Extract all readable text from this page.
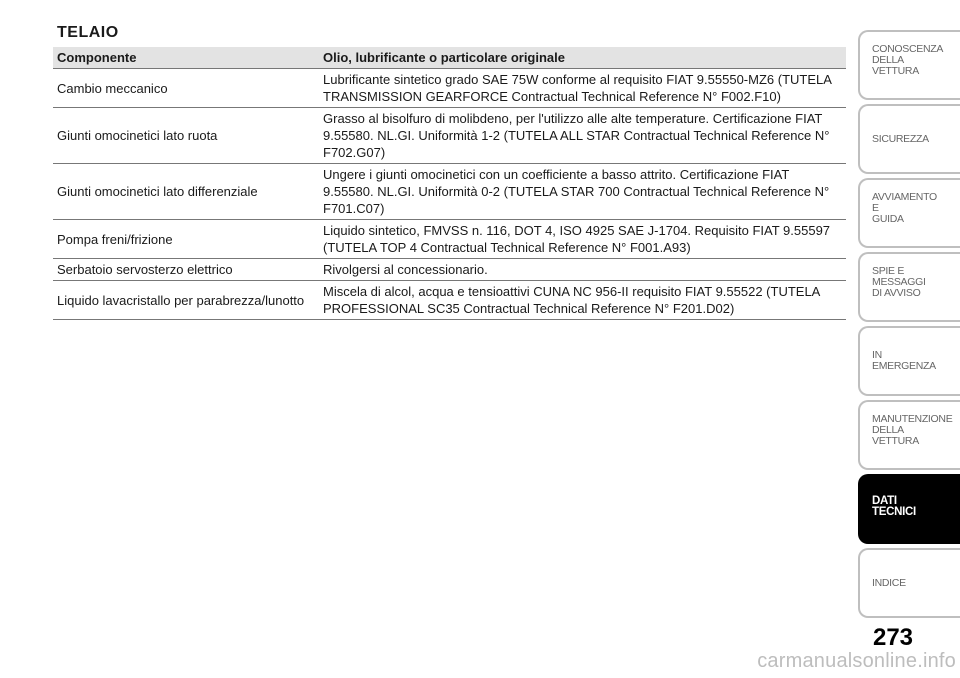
TELAIO
Componente	Olio, lubrificante o particolare originale
Cambio meccanico	Lubrificante sintetico grado SAE 75W conforme al requisito FIAT 9.55550-MZ6 (TUTELA TRANSMISSION GEARFORCE Contractual Technical Reference N° F002.F10)
Giunti omocinetici lato ruota	Grasso al bisolfuro di molibdeno, per l'utilizzo alle alte temperature. Certificazione FIAT 9.55580. NL.GI. Uniformità 1-2 (TUTELA ALL STAR Contractual Technical Reference N° F702.G07)
Giunti omocinetici lato differenziale	Ungere i giunti omocinetici con un coefficiente a basso attrito. Certificazione FIAT 9.55580. NL.GI. Uniformità 0-2 (TUTELA STAR 700 Contractual Technical Reference N° F701.C07)
Pompa freni/frizione	Liquido sintetico, FMVSS n. 116, DOT 4, ISO 4925 SAE J-1704. Requisito FIAT 9.55597 (TUTELA TOP 4 Contractual Technical Reference N° F001.A93)
Serbatoio servosterzo elettrico	Rivolgersi al concessionario.
Liquido lavacristallo per parabrezza/lunotto	Miscela di alcol, acqua e tensioattivi CUNA NC 956-II requisito FIAT 9.55522 (TUTELA PROFESSIONAL SC35 Contractual Technical Reference N° F201.D02)
CONOSCENZA
DELLA
VETTURA
SICUREZZA
AVVIAMENTO
E
GUIDA
SPIE E
MESSAGGI
DI AVVISO
IN
EMERGENZA
MANUTENZIONE
DELLA
VETTURA
DATI
TECNICI
INDICE
273
carmanualsonline.info
